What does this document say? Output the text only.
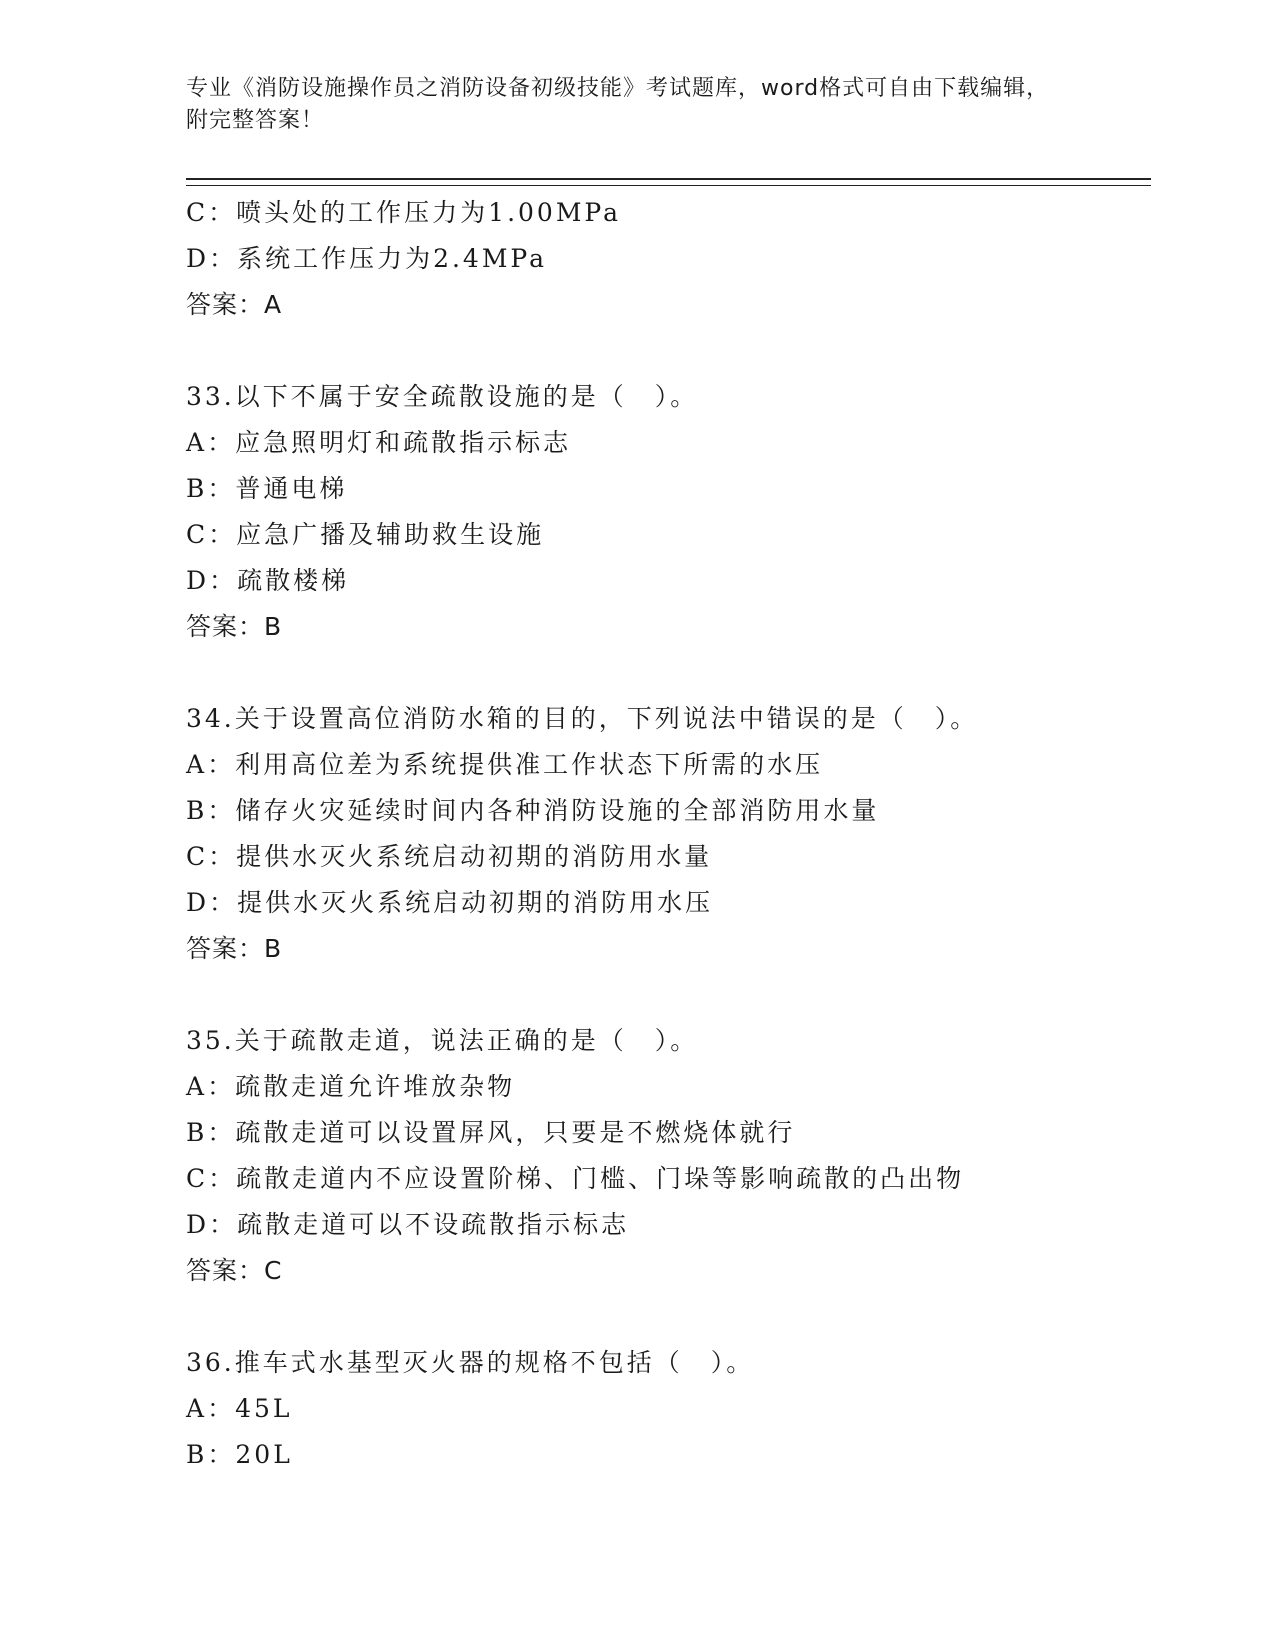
专业《消防设施操作员之消防设备初级技能》考试题库，word格式可自由下载编辑，附完整答案！
C：喷头处的工作压力为1.00MPa
D：系统工作压力为2.4MPa
答案：A
33.以下不属于安全疏散设施的是（　）。
A：应急照明灯和疏散指示标志
B：普通电梯
C：应急广播及辅助救生设施
D：疏散楼梯
答案：B
34.关于设置高位消防水箱的目的，下列说法中错误的是（　）。
A：利用高位差为系统提供准工作状态下所需的水压
B：储存火灾延续时间内各种消防设施的全部消防用水量
C：提供水灭火系统启动初期的消防用水量
D：提供水灭火系统启动初期的消防用水压
答案：B
35.关于疏散走道，说法正确的是（　）。
A：疏散走道允许堆放杂物
B：疏散走道可以设置屏风，只要是不燃烧体就行
C：疏散走道内不应设置阶梯、门槛、门垛等影响疏散的凸出物
D：疏散走道可以不设疏散指示标志
答案：C
36.推车式水基型灭火器的规格不包括（　）。
A：45L
B：20L
